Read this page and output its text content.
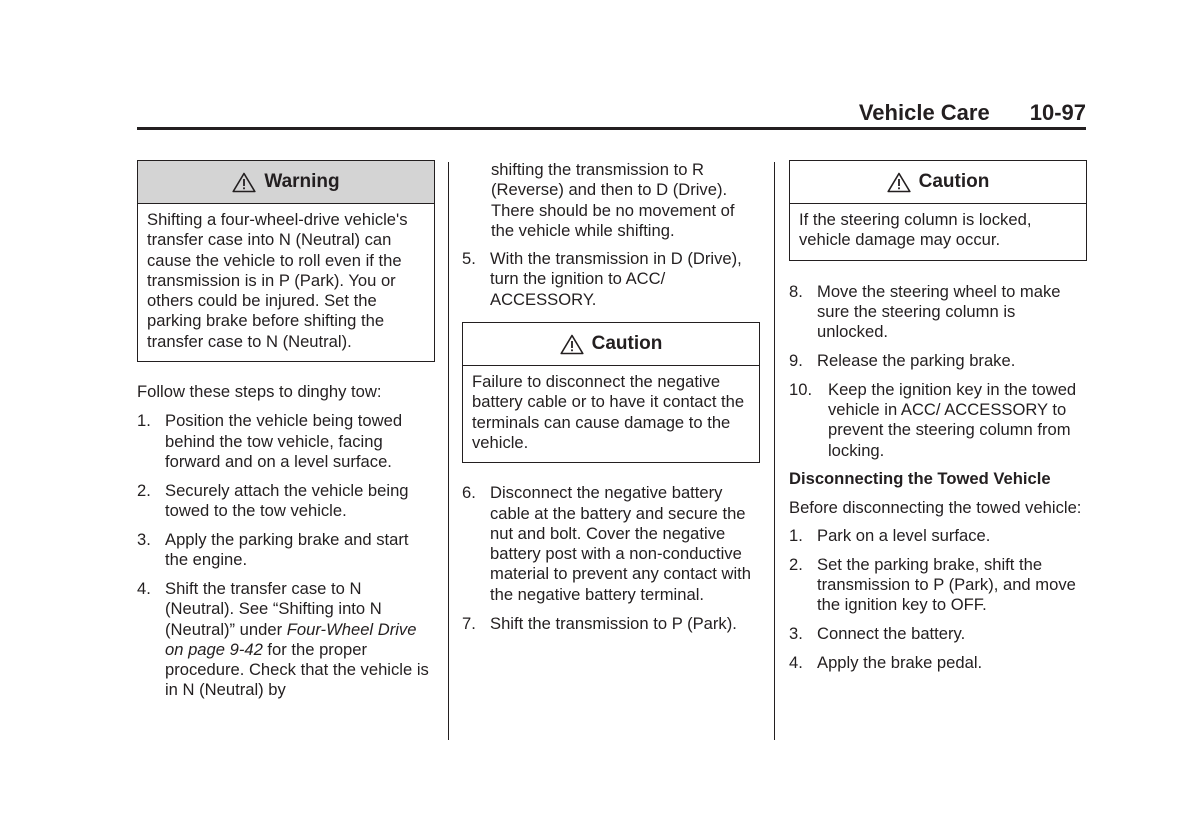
Vehicle Care 10-97
Warning

Shifting a four-wheel-drive vehicle's transfer case into N (Neutral) can cause the vehicle to roll even if the transmission is in P (Park). You or others could be injured. Set the parking brake before shifting the transfer case to N (Neutral).

Follow these steps to dinghy tow:

1. Position the vehicle being towed behind the tow vehicle, facing forward and on a level surface.
2. Securely attach the vehicle being towed to the tow vehicle.
3. Apply the parking brake and start the engine.
4. Shift the transfer case to N (Neutral). See “Shifting into N (Neutral)” under Four-Wheel Drive on page 9-42 for the proper procedure. Check that the vehicle is in N (Neutral) by

shifting the transmission to R (Reverse) and then to D (Drive). There should be no movement of the vehicle while shifting.

5. With the transmission in D (Drive), turn the ignition to ACC/ ACCESSORY.
Caution

Failure to disconnect the negative battery cable or to have it contact the terminals can cause damage to the vehicle.

6. Disconnect the negative battery cable at the battery and secure the nut and bolt. Cover the negative battery post with a non-conductive material to prevent any contact with the negative battery terminal.
7. Shift the transmission to P (Park).
Caution

If the steering column is locked, vehicle damage may occur.

8. Move the steering wheel to make sure the steering column is unlocked.
9. Release the parking brake.
10. Keep the ignition key in the towed vehicle in ACC/ ACCESSORY to prevent the steering column from locking.

Disconnecting the Towed Vehicle

Before disconnecting the towed vehicle:

1. Park on a level surface.
2. Set the parking brake, shift the transmission to P (Park), and move the ignition key to OFF.
3. Connect the battery.
4. Apply the brake pedal.
